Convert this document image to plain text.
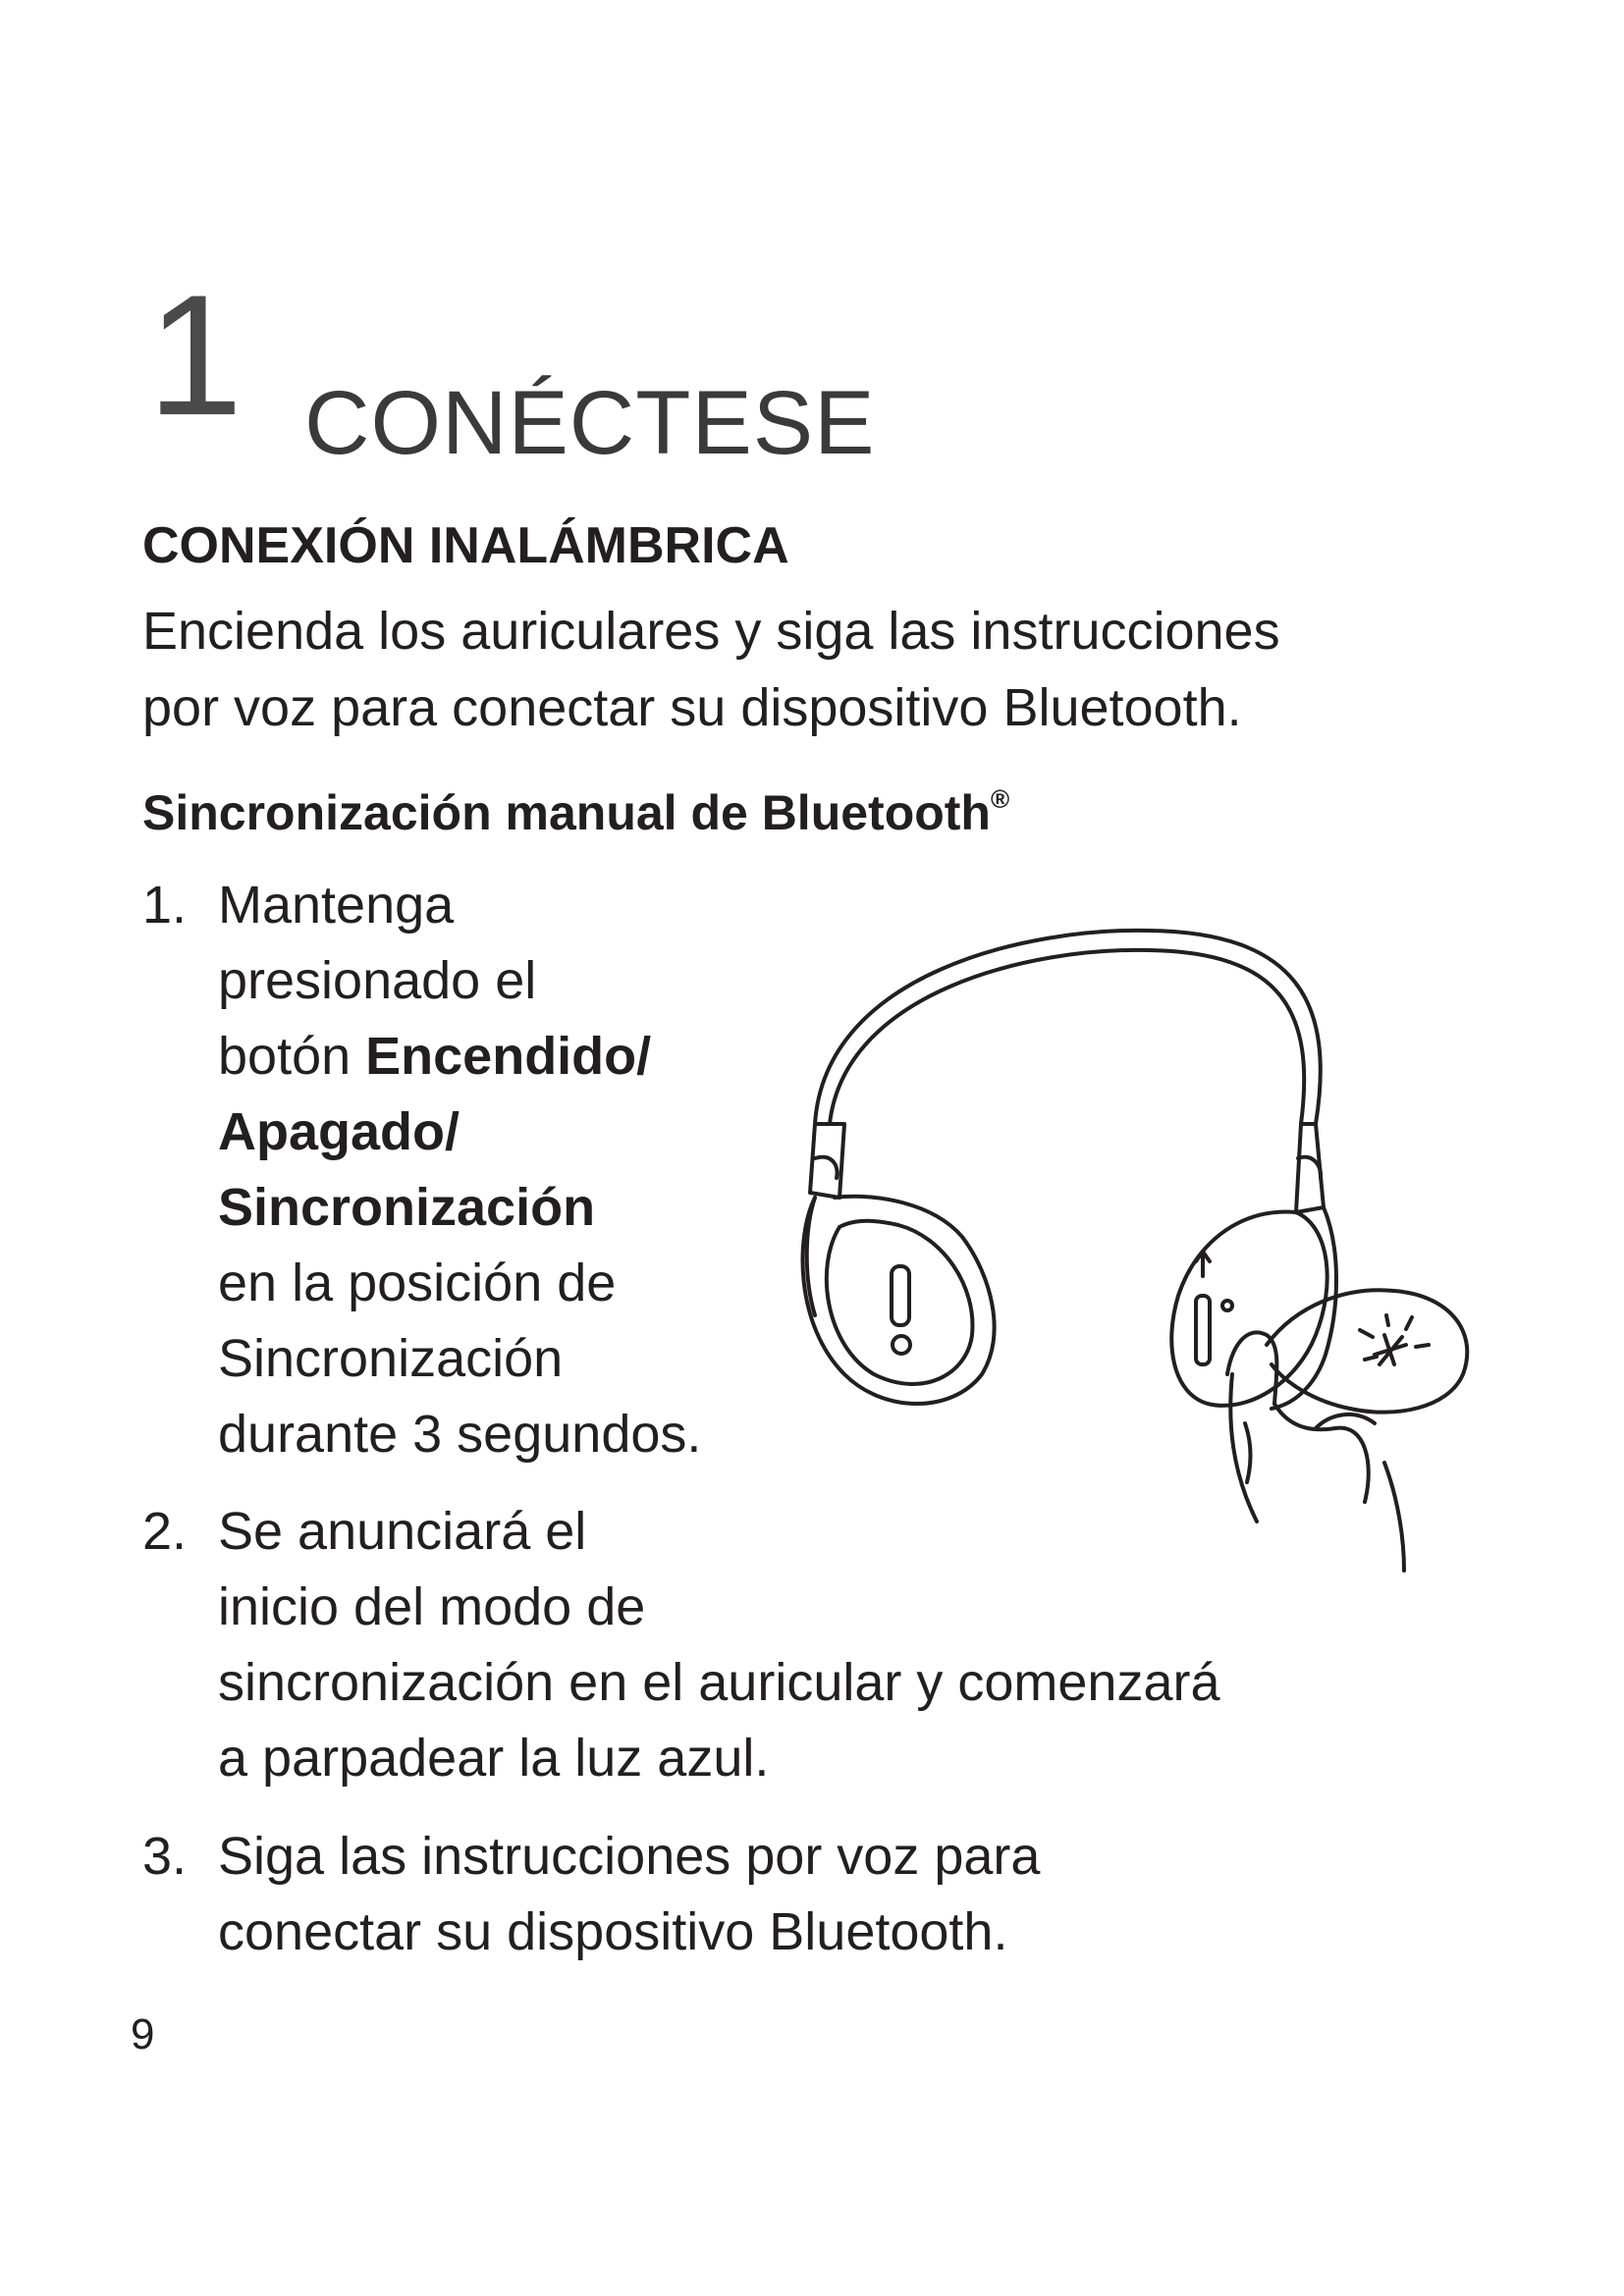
1 CONÉCTESE
CONEXIÓN INALÁMBRICA
Encienda los auriculares y siga las instrucciones
por voz para conectar su dispositivo Bluetooth.
Sincronización manual de Bluetooth®
1. Mantenga
presionado el
botón Encendido/
Apagado/
Sincronización
en la posición de
Sincronización
durante 3 segundos.
2. Se anunciará el
inicio del modo de
sincronización en el auricular y comenzará
a parpadear la luz azul.
3. Siga las instrucciones por voz para
conectar su dispositivo Bluetooth.
9
